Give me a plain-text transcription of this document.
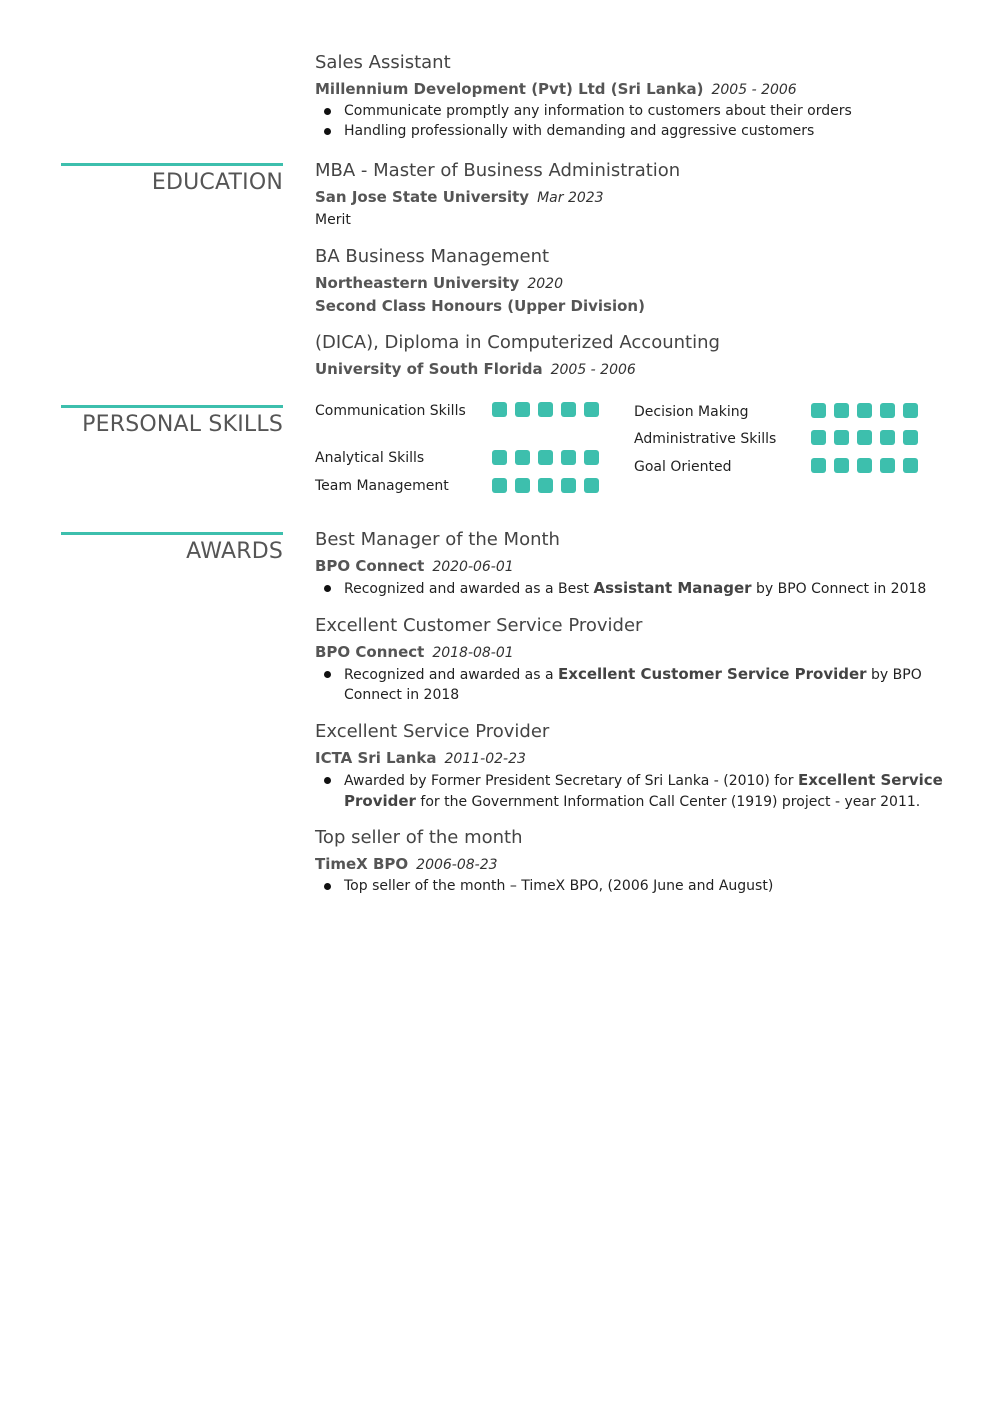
Sales Assistant
Millennium Development (Pvt) Ltd (Sri Lanka) 2005 - 2006
Communicate promptly any information to customers about their orders
Handling professionally with demanding and aggressive customers
EDUCATION MBA - Master of Business Administration
San Jose State University Mar 2023
Merit
BA Business Management
Northeastern University 2020
Second Class Honours (Upper Division)
(DICA), Diploma in Computerized Accounting
University of South Florida 2005 - 2006
PERSONAL SKILLS
Communication Skills
Analytical Skills
Team Management
Decision Making
Administrative Skills
Goal Oriented
AWARDS Best Manager of the Month
BPO Connect 2020-06-01
Recognized and awarded as a Best Assistant Manager by BPO Connect in 2018
Excellent Customer Service Provider
BPO Connect 2018-08-01
Recognized and awarded as a Excellent Customer Service Provider by BPO Connect in 2018
Excellent Service Provider
ICTA Sri Lanka 2011-02-23
Awarded by Former President Secretary of Sri Lanka - (2010) for Excellent Service Provider for the Government Information Call Center (1919) project - year 2011.
Top seller of the month
TimeX BPO 2006-08-23
Top seller of the month – TimeX BPO, (2006 June and August)
